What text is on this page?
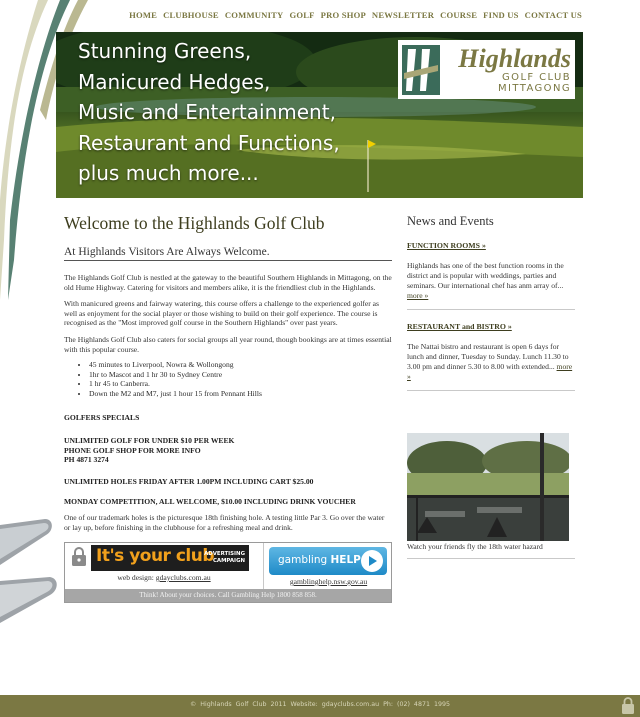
HOME CLUBHOUSE COMMUNITY GOLF PRO SHOP NEWSLETTER COURSE FIND US CONTACT US
Stunning Greens,
Manicured Hedges,
Music and Entertainment,
Restaurant and Functions,
plus much more...
Highlands
GOLF CLUB
MITTAGONG
Welcome to the Highlands Golf Club
At Highlands Visitors Are Always Welcome.

The Highlands Golf Club is nestled at the gateway to the beautiful Southern Highlands in Mittagong, on the old Hume Highway. Catering for visitors and members alike, it is the friendliest club in the Highlands.

With manicured greens and fairway watering, this course offers a challenge to the experienced golfer as well as enjoyment for the social player or those wishing to build on their golf experience. The course is recognised as the "Most improved golf course in the Southern Highlands" over past years.

The Highlands Golf Club also caters for social groups all year round, though bookings are at times essential with this popular course.

• 45 minutes to Liverpool, Nowra & Wollongong
• 1hr to Mascot and 1 hr 30 to Sydney Centre
• 1 hr 45 to Canberra.
• Down the M2 and M7, just 1 hour 15 from Pennant Hills
GOLFERS SPECIALS
UNLIMITED GOLF FOR UNDER $10 PER WEEK
PHONE GOLF SHOP FOR MORE INFO
PH 4871 3274
UNLIMITED HOLES FRIDAY AFTER 1.00PM INCLUDING CART $25.00
MONDAY COMPETITION, ALL WELCOME, $10.00 INCLUDING DRINK VOUCHER

One of our trademark holes is the picturesque 18th finishing hole. A testing little Par 3. Go over the water or lay up, before finishing in the clubhouse for a refreshing meal and drink.

It's your club
ADVERTISING
CAMPAIGN
web design: gdayclubs.com.au
gambling HELP
gamblinghelp.nsw.gov.au
Think! About your choices. Call Gambling Help 1800 858 858.
News and Events
FUNCTION ROOMS »

Highlands has one of the best function rooms in the district and is popular with weddings, parties and seminars. Our international chef has anm array of... more »

RESTAURANT and BISTRO »

The Nattai bistro and restaurant is open 6 days for lunch and dinner, Tuesday to Sunday. Lunch 11.30 to 3.00 pm and dinner 5.30 to 8.00 with extended... more »

Watch your friends fly the 18th water hazard
© Highlands Golf Club 2011 Website: gdayclubs.com.au Ph: (02) 4871 1995
